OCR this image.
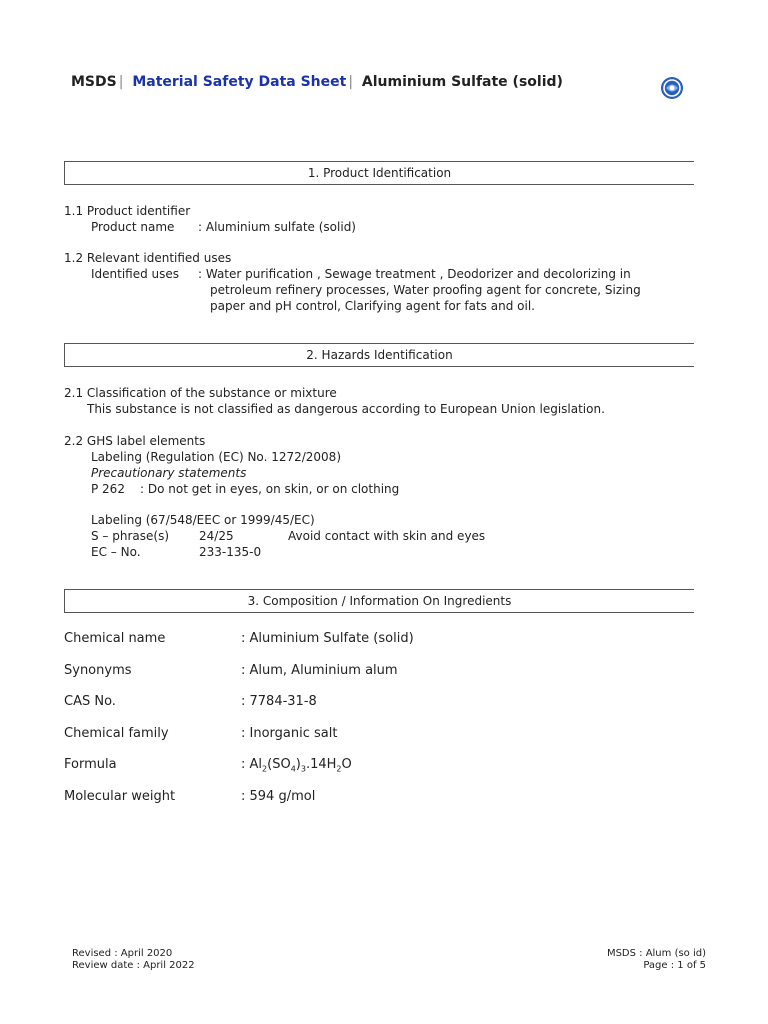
MSDS | Material Safety Data Sheet | Aluminium Sulfate (solid)
1. Product Identification
1.1 Product identifier
Product name : Aluminium sulfate (solid)
1.2 Relevant identified uses
Identified uses : Water purification , Sewage treatment , Deodorizer and decolorizing in
petroleum refinery processes, Water proofing agent for concrete, Sizing
paper and pH control, Clarifying agent for fats and oil.
2. Hazards Identification
2.1 Classification of the substance or mixture
This substance is not classified as dangerous according to European Union legislation.
2.2 GHS label elements
Labeling (Regulation (EC) No. 1272/2008)
Precautionary statements
P 262 : Do not get in eyes, on skin, or on clothing
Labeling (67/548/EEC or 1999/45/EC)
S – phrase(s) 24/25	Avoid contact with skin and eyes
EC – No.	233-135-0
3. Composition / Information On Ingredients
Chemical name	: Aluminium Sulfate (solid)
Synonyms	: Alum, Aluminium alum
CAS No.	: 7784-31-8
Chemical family	: Inorganic salt
Formula	: $Al_2(SO_4)_3.14H_2O$
Molecular weight	: 594 g/mol
Revised : April 2020
Review date : April 2022
MSDS : Alum (so id)
Page : 1 of 5
